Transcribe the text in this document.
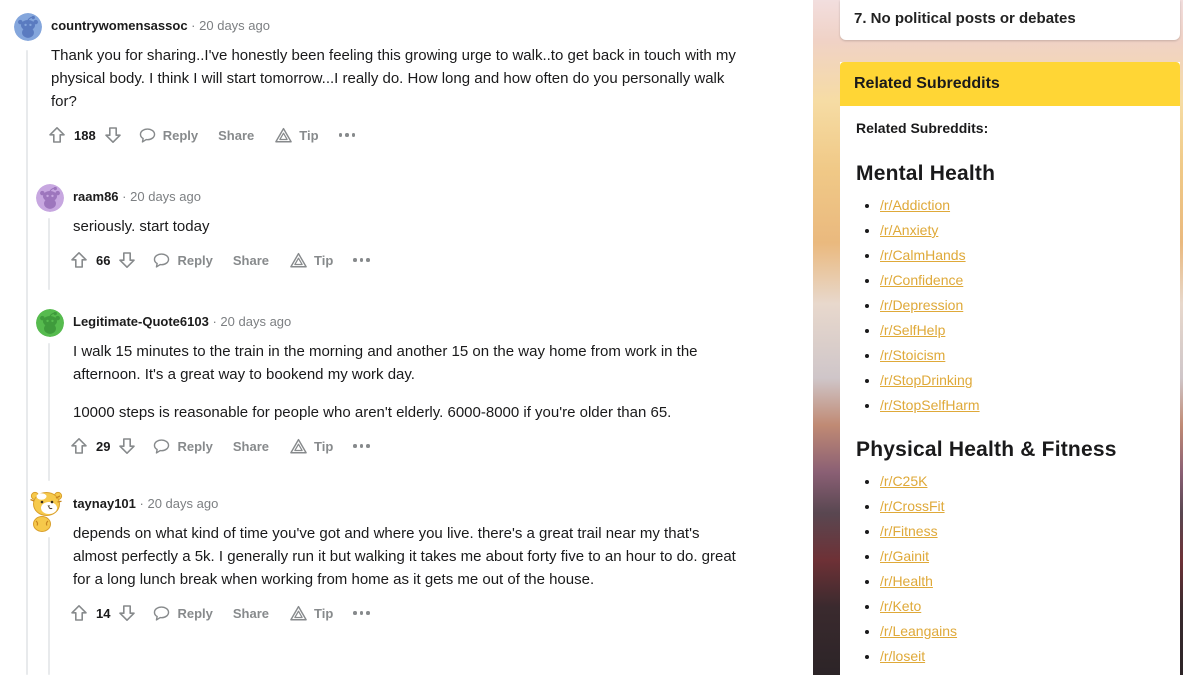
countrywomensassoc · 20 days ago

Thank you for sharing..I've honestly been feeling this growing urge to walk..to get back in touch with my physical body. I think I will start tomorrow...I really do. How long and how often do you personally walk for?

188	Reply Share	Tip
raam86 · 20 days ago

seriously. start today

66	Reply Share	Tip
Legitimate-Quote6103 · 20 days ago

I walk 15 minutes to the train in the morning and another 15 on the way home from work in the afternoon. It's a great way to bookend my work day.

10000 steps is reasonable for people who aren't elderly. 6000-8000 if you're older than 65.

29	Reply Share	Tip
taynay101 · 20 days ago

depends on what kind of time you've got and where you live. there's a great trail near my that's almost perfectly a 5k. I generally run it but walking it takes me about forty five to an hour to do. great for a long lunch break when working from home as it gets me out of the house.

14	Reply Share	Tip
7. No political posts or debates
Related Subreddits

Related Subreddits:

Mental Health
• /r/Addiction
• /r/Anxiety
• /r/CalmHands
• /r/Confidence
• /r/Depression
• /r/SelfHelp
• /r/Stoicism
• /r/StopDrinking
• /r/StopSelfHarm
Physical Health & Fitness
• /r/C25K
• /r/CrossFit
• /r/Fitness
• /r/Gainit
• /r/Health
• /r/Keto
• /r/Leangains
• /r/loseit
